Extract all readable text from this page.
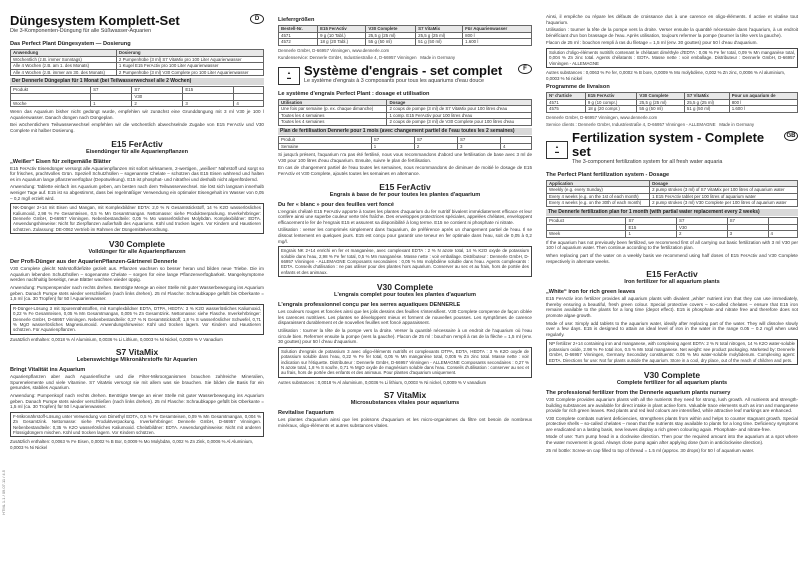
HTML 1.1 / 09.07.11 / 4.5
Düngesystem Komplett-Set	D
Die 3-Komponenten-Düngung für alle Süßwasser-Aquarien
Das Perfect Plant Düngesystem — Dosierung
Anwendung	Dosierung
Wöchentlich (z.B. immer Sonntags)	2 Pumpenhübe (3 ml) S7 VitaMix pro 100 Liter Aquarienwasser
Alle 4 Wochen (z.B. am 1. des Monats)	1 Kugel E15 FerActiv pro 100 Liter Aquarienwasser
Alle 4 Wochen (z.B. immer am 30. des Monats)	2 Pumpenhübe (3 ml) V30 Complete pro 100 Liter Aquarienwasser
Der Dennerle Düngeplan für 1 Monat (bei Teilwasserwechsel alle 2 Wochen)
Produkt	S7	S7	E15	
		V30		
Woche	1	2	3	4
Wenn das Aquarium bisher nicht gedüngt wurde, empfehlen wir zunächst eine Grunddüngung mit 3 ml V30 je 100 l Aquarienwasser. Danach düngen nach Düngeplan.
Bei wöchentlichem Teilwasserwechsel empfehlen wir die wöchentlich abwechselnde Zugabe von E15 FerActiv und V30 Complete mit halber Dosierung.
E15 FerActiv
Eisendünger für alle Aquarienpflanzen
„Weißer“ Eisen für zeitgemäße Blätter
E15 FerActiv Eisendünger versorgt alle Aquarienpflanzen mit sofort wirksamem, 2-wertigen, „weißen“ Nährstoff und sorgt so für frisches, prachtvolles Grün. Speziell Schutzhüllen – sogenannte Chelate – schützen das E15 Eisen während und halten es im Aquarium lange pflanzenverfügbar (Depotwirkung). E15 ist phosphat- und nitratfrei und deshalb nicht algenfördernd.
Anwendung: Tablette einfach ins Aquarium geben, am besten nach dem Teilwasserwechsel. Sie löst sich langsam innerhalb weniger Tage auf. E15 ist so abgestimmt, dass bei regelmäßiger Verwendung ein optimaler Eisengehalt im Wasser von 0,05 – 0,2 mg/l erzielt wird.
NK-Dünger 2+14 mit Eisen und Mangan, mit Komplexbildner EDTA: 2,0 % N Gesamtstickstoff, 14 % K2O wasserlösliches Kaliumoxid, 2,98 % Fe Gesamteisen, 0,5 % Mn Gesamtmangan. Nettomasse: siehe Produktverpackung. Inverkehrbringer: Dennerle GmbH, D-66957 Vinningen. Nebenbestandteile: 0,05 % Mo wasserlösliches Molybdän. Komplexbildner: EDTA. Anwendungshinweise: Nicht für Zierpflanzen außerhalb des Aquariums. Kühl und trocken lagern. Vor Kindern und Haustieren schützen. Zulassung: DE-0062 Vertrieb im Rahmen der Düngemittelverordnung.
V30 Complete
Volldünger für alle Aquarienpflanzen
Der Profi-Dünger aus der AquarienPflanzen-Gärtnerei Dennerle
V30 Complete gleicht Nährstoffdefizite gezielt aus. Pflanzen wachsen so besser heran und bilden neue Triebe. Die im Aquarium lebenden Schutzhüllen – sogenannte Chelate – sorgen für eine lange Pflanzenverfügbarkeit. Mangelsymptome werden nachhaltig beseitigt, neue Blätter wachsen wieder üppig.
Anwendung: Pumpenspender nach rechts drehen. Benötigte Menge an einer Stelle mit guter Wasserbewegung ins Aquarium geben. Danach Pumpe stets wieder verschließen (nach links drehen). 25 ml Flasche: Schraubkappe gefüllt bis Oberkante = 1,5 ml (ca. 30 Tropfen) für 50 l Aquarienwasser.
R-Dünger-Lösung 3 mit Spurennährstoffen, mit Komplexbildner EDTA, DTPA, HEDTA: 3 % K2O wasserlösliches Kaliumoxid, 0,22 % Fe Gesamteisen, 0,05 % Mn Gesamtmangan, 0,005 % Zn Gesamtzink. Nettomasse: siehe Flasche. Inverkehrbringer: Dennerle GmbH, D-66957 Vinningen. Nebenbestandteile: 0,27 % N Gesamtstickstoff, 1,8 % S wasserlöslicher Schwefel, 0,71 % MgO wasserlösliches Magnesiumoxid. Anwendungshinweise: Kühl und trocken lagern. Vor Kindern und Haustieren schützen. Für Aquarienpflanzen.
Zusätzlich enthalten: 0,0018 % Al Aluminium, 0,0036 % Li Lithium, 0,0003 % Ni Nickel, 0,0009 % V Vanadium
S7 VitaMix
Lebenswichtige Mikronährstoffe für Aquarien
Bringt Vitalität ins Aquarium
Aquarienpflanzen aber auch Aquarienfische und die Filter-Mikroorganismen brauchen zahlreiche Mineralien, Spurenelemente und viele Vitamine. S7 VitaMix versorgt sie mit allem was sie brauchen. Sie bilden die Basis für ein gesundes, stabiles Aquarium.
Anwendung: Pumpenkopf nach rechts drehen. Benötigte Menge an einer Stelle mit guter Wasserbewegung ins Aquarium geben. Danach Pumpe stets wieder verschließen (nach links drehen). 25 ml Flasche: Schraubkappe gefüllt bis Oberkante = 1,5 ml (ca. 30 Tropfen) für 50 l Aquarienwasser.
F-Mikronährstoff-Lösung unter Verwendung von Dimethyl EDTA, 0,5 % Fe Gesamteisen, 0,09 % Mn Gesamtmangan, 0,004 % Zn Gesamtzink. Nettomasse: siehe Produktverpackung. Inverkehrbringer: Dennerle GmbH, D-66957 Vinningen. Nebenbestandteile: 0,35 % K2O wasserlösliches Kaliumoxid. Chelatbildner: EDTA. Anwendungshinweise: Nicht mit anderen Flüssigdüngern mischen. Kühl und trocken lagern. Vor Kindern schützen.
Zusätzlich enthalten: 0,0063 % Fe Eisen, 0,0002 % B Bor, 0,0009 % Mo Molybdän, 0,002 % Zn Zink, 0,0006 % Al Aluminium, 0,0003 % Ni Nickel
Lieferrgrößen
Bestell-Nr.	E15 FerActiv	V30 Complete	S7 VitaMix	Für Aquarienwasser
4571	9 g (10 Tabl.)	25,5 g (25 ml)	25,5 g (25 ml)	800 l
4572	18 g (20 Tabl.)	55 g (50 ml)	51 g (50 ml)	1.600 l
Dennerle GmbH, D-66957 Vinningen, www.dennerle.com
Kundenservice: Dennerle GmbH, Industriestraße 4, D-66957 Vinningen Made in Germany
▲
▬	Système d'engrais - set complet	F
Le système d'engrais à 3 composants pour tous les aquariums d'eau douce
Le système d'engrais Perfect Plant : dosage et utilisation
Utilisation	Dosage
Une fois par semaine (p. ex. chaque dimanche)	2 coups de pompe (3 ml) de S7 VitaMix pour 100 litres d'eau
Toutes les 4 semaines	1 comp. E15 FerActiv pour 100 litres d'eau
Toutes les 4 semaines	2 coups de pompe (3 ml) de V30 Complete pour 100 litres d'eau
Plan de fertilisation Dennerle pour 1 mois (avec changement partiel de l'eau toutes les 2 semaines)
Produit	S7	S7	S7	
Semaine	1	2	3	4
Si jusqu'à présent, l'aquarium n'a pas été fertilisé, nous vous recommandons d'abord une fertilisation de base avec 3 ml de V30 pour 100 litres d'eau d'aquarium. Ensuite, suivre le plan de fertilisation.
En cas de changement partiel de l'eau toutes les semaines, nous recommandons de diminuer de moitié le dosage de E15 FerActiv et V30 Complete, ajoutés toutes les semaines en alternance.
E15 FerActiv
Engrais à base de fer pour toutes les plantes d'aquarium
Du fer « blanc » pour des feuilles vert foncé
L'engrais chélaté E15 FerActiv apporte à toutes les plantes d'aquarium du fer nutritif bivalent immédiatement efficace et leur confère ainsi une superbe couleur verte très fraîche. Des enveloppes protectrices spéciales, appelées chélates, enveloppent efficacement le fer de l'engrais E15 et assurent sa disponibilité à long terme. E15 ne contient ni phosphate ni nitrate.
Utilisation : verser les comprimés simplement dans l'aquarium, de préférence après un changement partiel de l'eau. Il se dissout lentement en quelques jours. E15 est conçu pour garantir une teneur en fer optimale dans l'eau, soit de 0,05 à 0,2 mg/l.
Engrais NK 2+14 enrichi en fer et manganèse, avec complexant EDTA : 2 % N azote total, 14 % K2O oxyde de potassium soluble dans l'eau, 2,98 % Fe fer total, 0,5 % Mn manganèse. Masse nette : voir emballage. Distributeur : Dennerle GmbH, D-66957 Vinningen - ALLEMAGNE Composants secondaires : 0,05 % Mo molybdène soluble dans l'eau. Agents complexants : EDTA. Conseils d'utilisation : ne pas utiliser pour des plantes hors aquarium. Conserver au sec et au frais, hors de portée des enfants et des animaux.
V30 Complete
L'engrais complet pour toutes les plantes d'aquarium
L'engrais professionnel conçu par les serres aquatiques DENNERLE
Les couleurs rouges et foncées ainsi que les jolis dessins des feuilles s'intensifient. V30 Complete compense de façon ciblée les carences nutritives. Les plantes se développent mieux et forment de nouvelles pousses. Les symptômes de carence disparaissent durablement et de nouvelles feuilles vert foncé apparaissent.
Utilisation : tourner la tête de la pompe vers la droite. Verser la quantité nécessaire à un endroit de l'aquarium où l'eau circule bien. Refermer ensuite la pompe (vers la gauche). Flacon de 25 ml : bouchon rempli à ras de la flèche = 1,5 ml (env. 30 gouttes) pour 50 l d'eau d'aquarium.
Solution d'engrais de potassium 3 avec oligo-éléments nutritifs et complexants DTPA, EDTA, HEDTA : 3 % K2O oxyde de potassium soluble dans l'eau, 0,22 % Fe fer total, 0,05 % Mn manganèse total, 0,005 % Zn zinc total. Masse nette : voir indication sur l'étiquette. Distributeur : Dennerle GmbH, D-66957 Vinningen - ALLEMAGNE Composants secondaires : 0,27 % N azote total, 1,8 % S soufre, 0,71 % MgO oxyde de magnésium soluble dans l'eau. Conseils d'utilisation : conserver au sec et au frais, hors de portée des enfants et des animaux. Pour plantes d'aquarium uniquement.
Autres substances : 0,0018 % Al aluminium, 0,0036 % Li lithium, 0,0003 % Ni nickel, 0,0009 % V vanadium
S7 VitaMix
Microsubstances vitales pour aquariums
Revitalise l'aquarium
Les plantes d'aquarium ainsi que les poissons d'aquarium et les micro-organismes du filtre ont besoin de nombreux minéraux, oligo-éléments et autres substances vitales.
Ainsi, il empêche ou répare les défauts de croissance dus à une carence en oligo-éléments. Il active et vitalise tout l'aquarium.
Utilisation : tourner la tête de la pompe vers la droite. Verser ensuite la quantité nécessaire dans l'aquarium, à un endroit bénéficiant d'un bon brassage de l'eau. Après utilisation, toujours refermer la pompe (tourner la tête vers la gauche).
Flacon de 25 ml : bouchon rempli à ras du filetage = 1,5 ml (env. 30 gouttes) pour 50 l d'eau d'aquarium.
Solution d'oligo-éléments nutritifs contenant le chélatant diméthyle d'EDTA : 0,06 % Fe fer total, 0,09 % Mn manganèse total, 0,004 % Zn zinc total. Agents chélatants : EDTA. Masse nette : voir emballage. Distributeur : Dennerle GmbH, D-66957 Vinningen - ALLEMAGNE
Autres substances : 0,0063 % Fe fer, 0,0002 % B bore, 0,0009 % Mo molybdène, 0,002 % Zn zinc, 0,0006 % Al aluminium, 0,0003 % Ni nickel
Programme de livraison
N° d'article	E15 FerActiv	V30 Complete	S7 VitaMix	Pour un aquarium de
4571	9 g (10 compr.)	25,5 g (25 ml)	25,5 g (25 ml)	800 l
4575	18 g (20 compr.)	55 g (50 ml)	51 g (50 ml)	1.600 l
Dennerle GmbH, D-66957 Vinningen, www.dennerle.com
Service clients : Dennerle GmbH, Industriestraße 4, D-66957 Vinningen - ALLEMAGNE Made in Germany
▲
▬
Fertilization system - Complete set
GB
The 3-component fertilization system for all fresh water aquaria
The Perfect Plant fertilization system - Dosage
Application	Dosage
Weekly (e.g. every Sunday)	2 pump strokes (3 ml) of S7 VitaMix per 100 litres of aquarium water
Every 4 weeks (e.g. on the 1st of each month)	1 E15 FerActiv tablet per 100 litres of aquarium water
Every 4 weeks (e.g. on the 30th of each month)	2 pump strokes (3 ml) V30 Complete per 100 litres of aquarium water
The Dennerle fertilization plan for 1 month (with partial water replacement every 2 weeks)
Product	S7	S7	S7	
	E15	V30		
Week	1	2	3	4
If the aquarium has not previously been fertilized, we recommend first of all carrying out basic fertilization with 3 ml V30 per 100 l of aquarium water. Then continue according to the fertilization plan.
When replacing part of the water on a weekly basis we recommend using half doses of E15 FerActiv and V30 Complete respectively in alternate weeks.
E15 FerActiv
Iron fertilizer for all aquarium plants
„White“ iron for rich green leaves
E15 FerActiv iron fertilizer provides all aquarium plants with divalent „white“ nutrient iron that they can use immediately, thereby ensuring a beautiful, fresh green colour. Special protective covers – so-called chelates – ensure that E15 iron remains available to the plants for a long time (depot effect). E15 is phosphate and nitrate free and therefore does not promote algae growth.
Mode of use: Simply add tablets to the aquarium water, ideally after replacing part of the water. They will dissolve slowly over a few days. E15 is designed to attain an ideal level of iron in the water in the range 0.05 – 0.2 mg/l when used regularly.
NP fertilizer 2+14 containing iron and manganese, with complexing agent EDTA: 2 % N total nitrogen, 14 % K2O water-soluble potassium oxide, 2.98 % Fe total iron, 0.5 % Mn total manganese. Net weight: see product packaging. Marketed by: Dennerle GmbH, D-66957 Vinningen, Germany Secondary constituents: 0.05 % Mo water-soluble molybdenum. Complexing agent: EDTA. Directions for use: Not for plants outside the aquarium. Store in a cool, dry place, out of the reach of children and pets.
V30 Complete
Complete fertilizer for all aquarium plants
The professional fertilizer from the Dennerle aquarium plants nursery
V30 Complete provides aquarium plants with all the nutrients they need for strong, lush growth. All nutrients and strength-building substances are available for direct intake in plant active form. Valuable trace elements such as iron and manganese provide for rich green leaves. Red plants and red leaf colours are intensified, while attractive leaf markings are enhanced.
V30 Complete combats nutrient deficiencies, strengthens plants from within and helps to counter stagnant growth. Special protective shells – so-called chelates – mean that the nutrients stay available to plants for a long time. Deficiency symptoms are eradicated on a lasting basis, new leaves display a rich green colouring again. Phosphate- and nitrate-free.
Mode of use: Turn pump head in a clockwise direction. Then pour the required amount into the aquarium at a spot where the water movement is good. Always close pump again after applying dose (turn in anticlockwise direction).
25 ml bottle: Screw-on cap filled to top of thread = 1.5 ml (approx. 30 drops) for 50 l of aquarium water.
